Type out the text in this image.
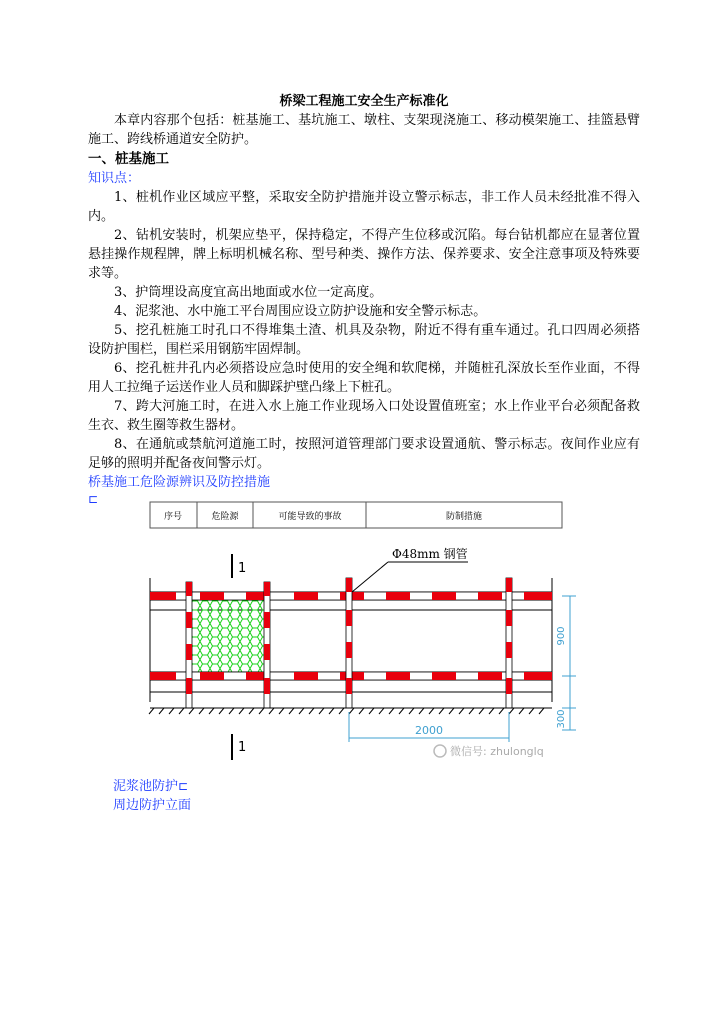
桥梁工程施工安全生产标准化

本章内容那个包括：桩基施工、基坑施工、墩柱、支架现浇施工、移动模架施工、挂篮悬臂施工、跨线桥通道安全防护。

一、桩基施工

知识点：

1、桩机作业区域应平整，采取安全防护措施并设立警示标志，非工作人员未经批准不得入内。

2、钻机安装时，机架应垫平，保持稳定，不得产生位移或沉陷。每台钻机都应在显著位置悬挂操作规程牌，牌上标明机械名称、型号种类、操作方法、保养要求、安全注意事项及特殊要求等。

3、护筒埋设高度宜高出地面或水位一定高度。

4、泥浆池、水中施工平台周围应设立防护设施和安全警示标志。

5、挖孔桩施工时孔口不得堆集土渣、机具及杂物，附近不得有重车通过。孔口四周必须搭设防护围栏，围栏采用钢筋牢固焊制。

6、挖孔桩井孔内必须搭设应急时使用的安全绳和软爬梯，并随桩孔深放长至作业面，不得用人工拉绳子运送作业人员和脚踩护壁凸缘上下桩孔。

7、跨大河施工时，在进入水上施工作业现场入口处设置值班室；水上作业平台必须配备救生衣、救生圈等救生器材。

8、在通航或禁航河道施工时，按照河道管理部门要求设置通航、警示标志。夜间作业应有足够的照明并配备夜间警示灯。

桥基施工危险源辨识及防控措施

⊏
序号	危险源	可能导致的事故	防制措施
1
1
Φ48mm 钢管
900
300
2000
微信号: zhulonglq
泥浆池防护⊏
周边防护立面
